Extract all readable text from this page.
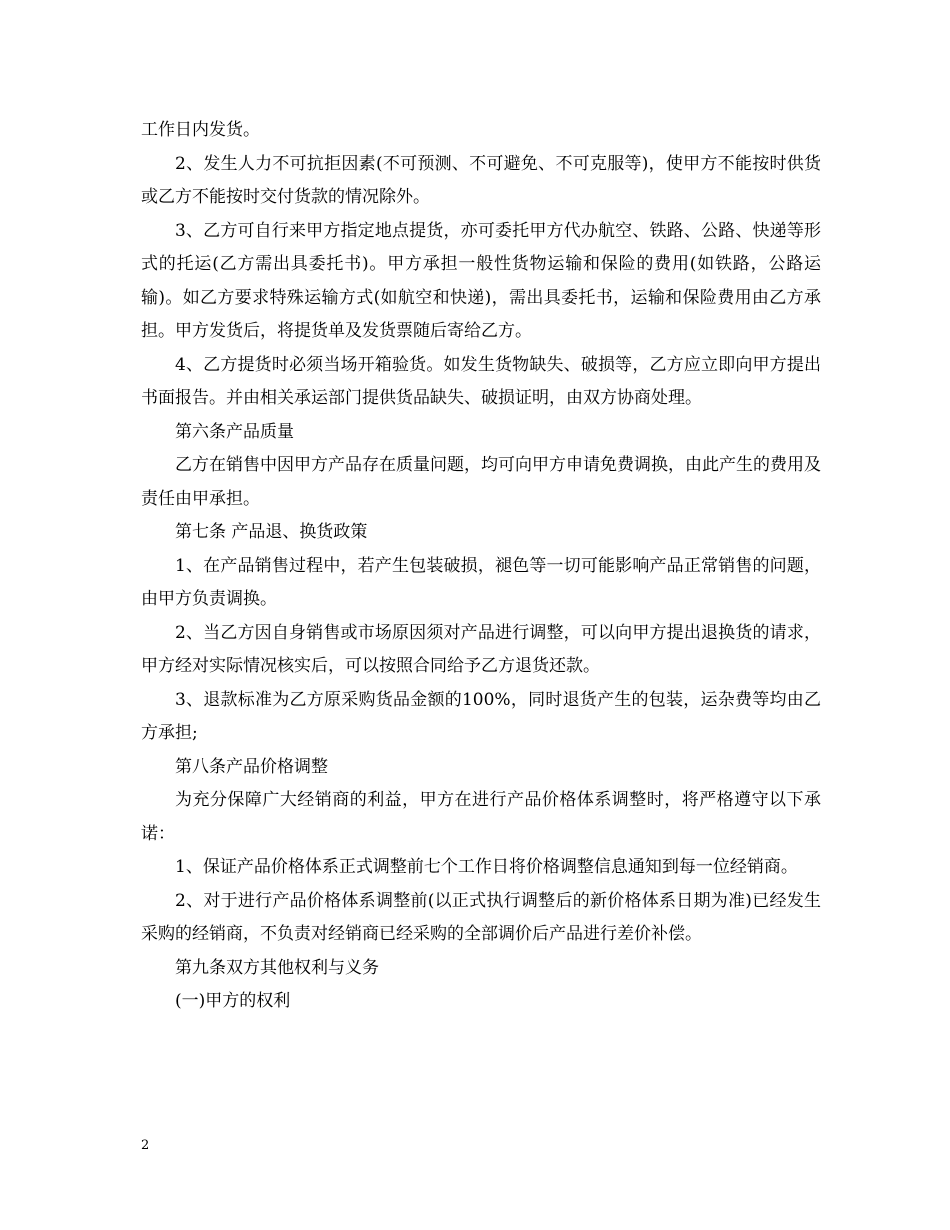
工作日内发货。

2、发生人力不可抗拒因素(不可预测、不可避免、不可克服等)，使甲方不能按时供货或乙方不能按时交付货款的情况除外。

3、乙方可自行来甲方指定地点提货，亦可委托甲方代办航空、铁路、公路、快递等形式的托运(乙方需出具委托书)。甲方承担一般性货物运输和保险的费用(如铁路，公路运输)。如乙方要求特殊运输方式(如航空和快递)，需出具委托书，运输和保险费用由乙方承担。甲方发货后，将提货单及发货票随后寄给乙方。

4、乙方提货时必须当场开箱验货。如发生货物缺失、破损等，乙方应立即向甲方提出书面报告。并由相关承运部门提供货品缺失、破损证明，由双方协商处理。

第六条产品质量

乙方在销售中因甲方产品存在质量问题，均可向甲方申请免费调换，由此产生的费用及责任由甲承担。

第七条 产品退、换货政策

1、在产品销售过程中，若产生包装破损，褪色等一切可能影响产品正常销售的问题，由甲方负责调换。

2、当乙方因自身销售或市场原因须对产品进行调整，可以向甲方提出退换货的请求，甲方经对实际情况核实后，可以按照合同给予乙方退货还款。

3、退款标准为乙方原采购货品金额的100%，同时退货产生的包装，运杂费等均由乙方承担;

第八条产品价格调整

为充分保障广大经销商的利益，甲方在进行产品价格体系调整时，将严格遵守以下承诺：

1、保证产品价格体系正式调整前七个工作日将价格调整信息通知到每一位经销商。

2、对于进行产品价格体系调整前(以正式执行调整后的新价格体系日期为准)已经发生采购的经销商，不负责对经销商已经采购的全部调价后产品进行差价补偿。

第九条双方其他权利与义务

(一)甲方的权利

2
